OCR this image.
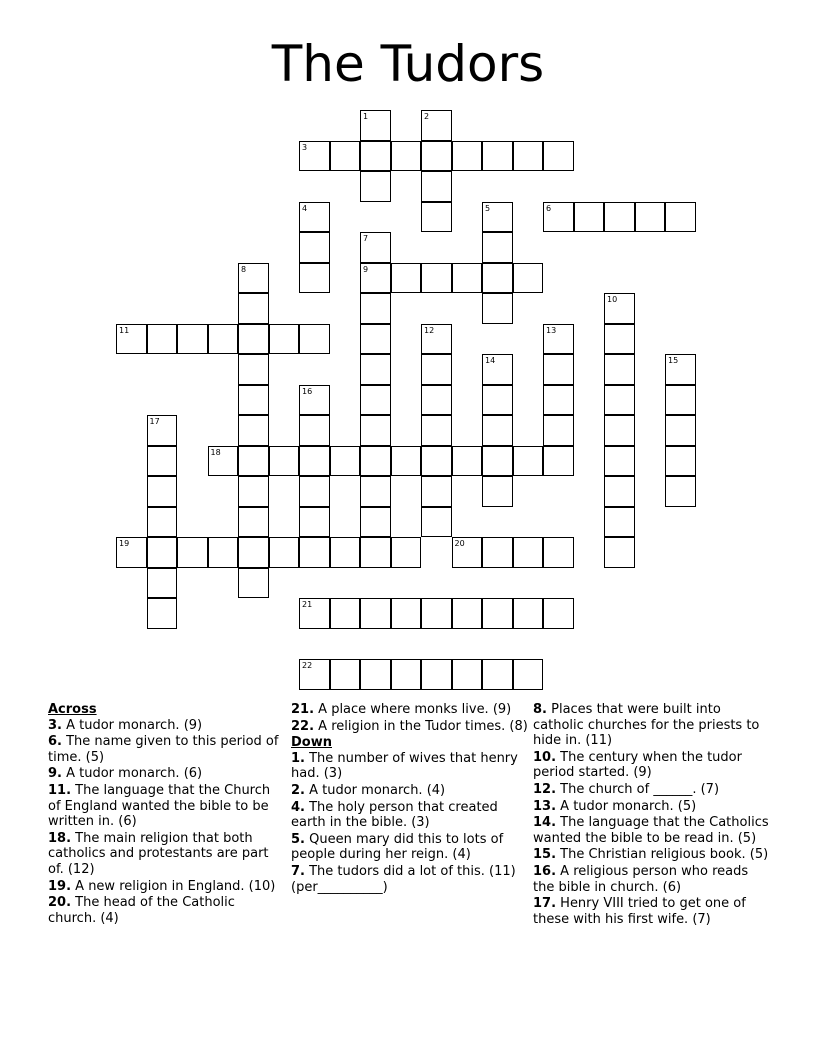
The Tudors
3
6
9
11
18
19	20
21
22
1	2
4	5
7
8
10
12	13
14	15
16
17
Across
3. A tudor monarch. (9)
6. The name given to this period of time. (5)
9. A tudor monarch. (6)
11. The language that the Church of England wanted the bible to be written in. (6)
18. The main religion that both catholics and protestants are part of. (12)
19. A new religion in England. (10)
20. The head of the Catholic church. (4)
21. A place where monks live. (9)
22. A religion in the Tudor times. (8)
Down
1. The number of wives that henry had. (3)
2. A tudor monarch. (4)
4. The holy person that created earth in the bible. (3)
5. Queen mary did this to lots of people during her reign. (4)
7. The tudors did a lot of this. (11) (per__________)
8. Places that were built into catholic churches for the priests to hide in. (11)
10. The century when the tudor period started. (9)
12. The church of ______. (7)
13. A tudor monarch. (5)
14. The language that the Catholics wanted the bible to be read in. (5)
15. The Christian religious book. (5)
16. A religious person who reads the bible in church. (6)
17. Henry VIII tried to get one of these with his first wife. (7)
